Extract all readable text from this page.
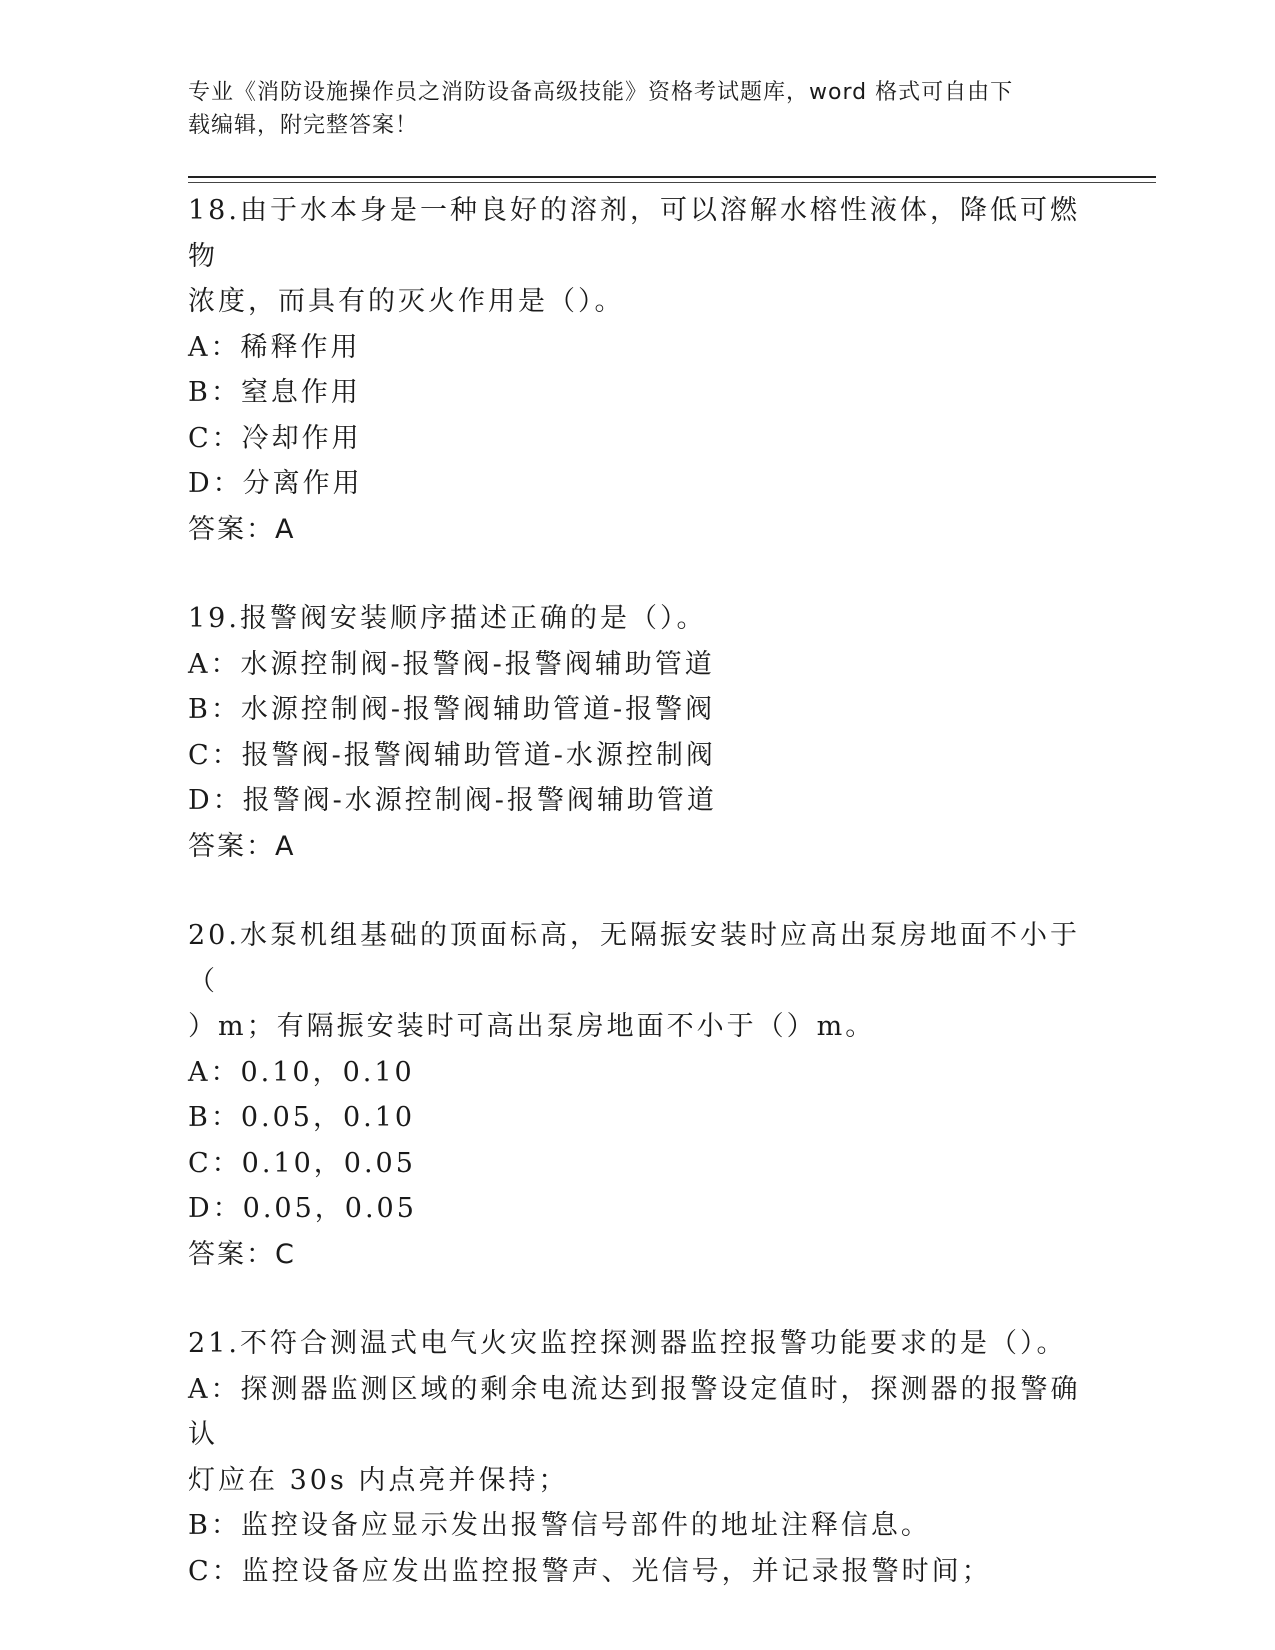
专业《消防设施操作员之消防设备高级技能》资格考试题库，word 格式可自由下
载编辑，附完整答案！
18.由于水本身是一种良好的溶剂，可以溶解水榕性液体，降低可燃物
浓度，而具有的灭火作用是（）。
A：稀释作用
B：窒息作用
C：冷却作用
D：分离作用
答案：A
19.报警阀安装顺序描述正确的是（）。
A：水源控制阀-报警阀-报警阀辅助管道
B：水源控制阀-报警阀辅助管道-报警阀
C：报警阀-报警阀辅助管道-水源控制阀
D：报警阀-水源控制阀-报警阀辅助管道
答案：A
20.水泵机组基础的顶面标高，无隔振安装时应高出泵房地面不小于（
）m；有隔振安装时可高出泵房地面不小于（）m。
A：0.10，0.10
B：0.05，0.10
C：0.10，0.05
D：0.05，0.05
答案：C
21.不符合测温式电气火灾监控探测器监控报警功能要求的是（）。
A：探测器监测区域的剩余电流达到报警设定值时，探测器的报警确认
灯应在 30s 内点亮并保持；
B：监控设备应显示发出报警信号部件的地址注释信息。
C：监控设备应发出监控报警声、光信号，并记录报警时间；
